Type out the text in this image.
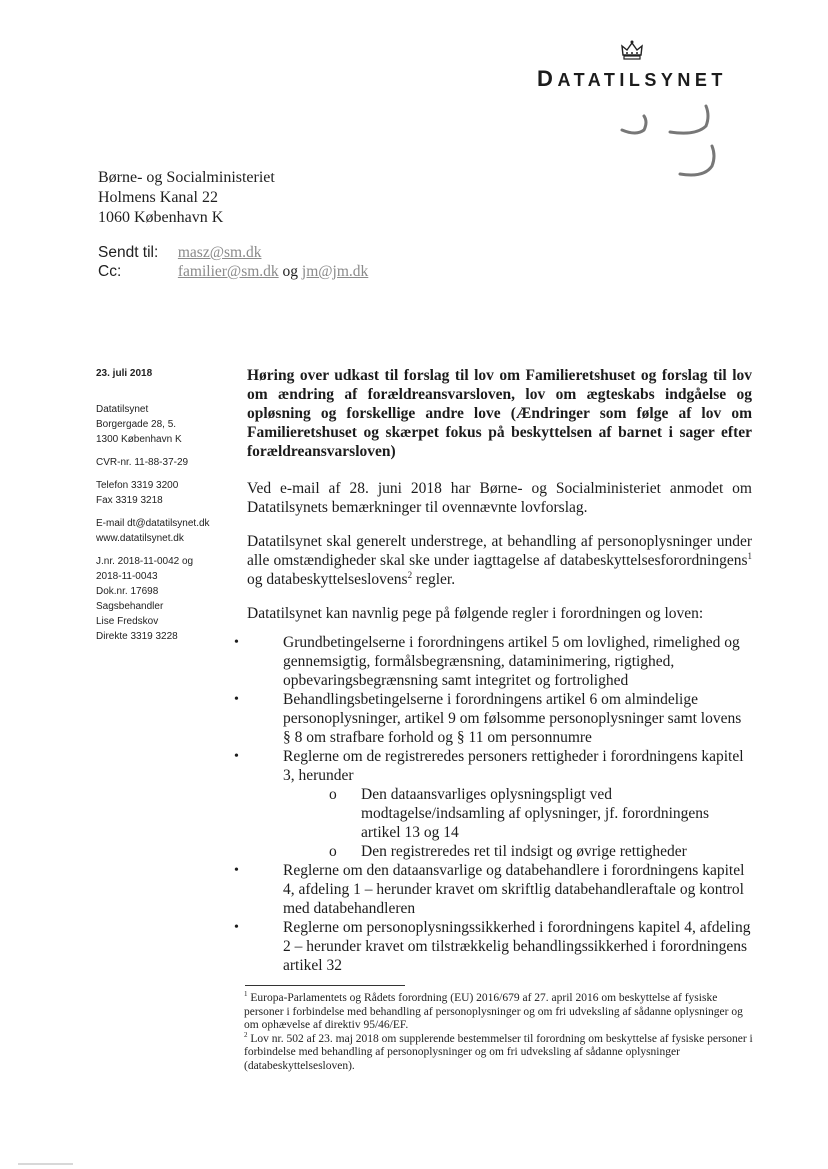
DATATILSYNET
Børne- og Socialministeriet
Holmens Kanal 22
1060 København K
Sendt til: masz@sm.dk
Cc:	familier@sm.dk og jm@jm.dk
23. juli 2018
Datatilsynet
Borgergade 28, 5.
1300 København K
CVR-nr. 11-88-37-29
Telefon 3319 3200
Fax 3319 3218
E-mail dt@datatilsynet.dk
www.datatilsynet.dk
J.nr. 2018-11-0042 og
2018-11-0043
Dok.nr. 17698
Sagsbehandler
Lise Fredskov
Direkte 3319 3228
Høring over udkast til forslag til lov om Familieretshuset og forslag til lov om ændring af forældreansvarsloven, lov om ægteskabs indgåelse og opløsning og forskellige andre love (Ændringer som følge af lov om Familieretshuset og skærpet fokus på beskyttelsen af barnet i sager efter forældreansvarsloven)

Ved e-mail af 28. juni 2018 har Børne- og Socialministeriet anmodet om Datatilsynets bemærkninger til ovennævnte lovforslag.

Datatilsynet skal generelt understrege, at behandling af personoplysninger under alle omstændigheder skal ske under iagttagelse af databeskyttelsesforordningens$^1$ og databeskyttelseslovens$^2$ regler.

Datatilsynet kan navnlig pege på følgende regler i forordningen og loven:

•	Grundbetingelserne i forordningens artikel 5 om lovlighed, rimelighed og gennemsigtig, formålsbegrænsning, dataminimering, rigtighed, opbevaringsbegrænsning samt integritet og fortrolighed
•	Behandlingsbetingelserne i forordningens artikel 6 om almindelige personoplysninger, artikel 9 om følsomme personoplysninger samt lovens § 8 om strafbare forhold og § 11 om personnumre
•	Reglerne om de registreredes personers rettigheder i forordningens kapitel 3, herunder
o Den dataansvarliges oplysningspligt ved modtagelse/indsamling af oplysninger, jf. forordningens artikel 13 og 14
o Den registreredes ret til indsigt og øvrige rettigheder
•	Reglerne om den dataansvarlige og databehandlere i forordningens kapitel 4, afdeling 1 – herunder kravet om skriftlig databehandleraftale og kontrol med databehandleren
•	Reglerne om personoplysningssikkerhed i forordningens kapitel 4, afdeling 2 – herunder kravet om tilstrækkelig behandlingssikkerhed i forordningens artikel 32

$^1$ Europa-Parlamentets og Rådets forordning (EU) 2016/679 af 27. april 2016 om beskyttelse af fysiske personer i forbindelse med behandling af personoplysninger og om fri udveksling af sådanne oplysninger og om ophævelse af direktiv 95/46/EF.

$^2$ Lov nr. 502 af 23. maj 2018 om supplerende bestemmelser til forordning om beskyttelse af fysiske personer i forbindelse med behandling af personoplysninger og om fri udveksling af sådanne oplysninger (databeskyttelsesloven).
